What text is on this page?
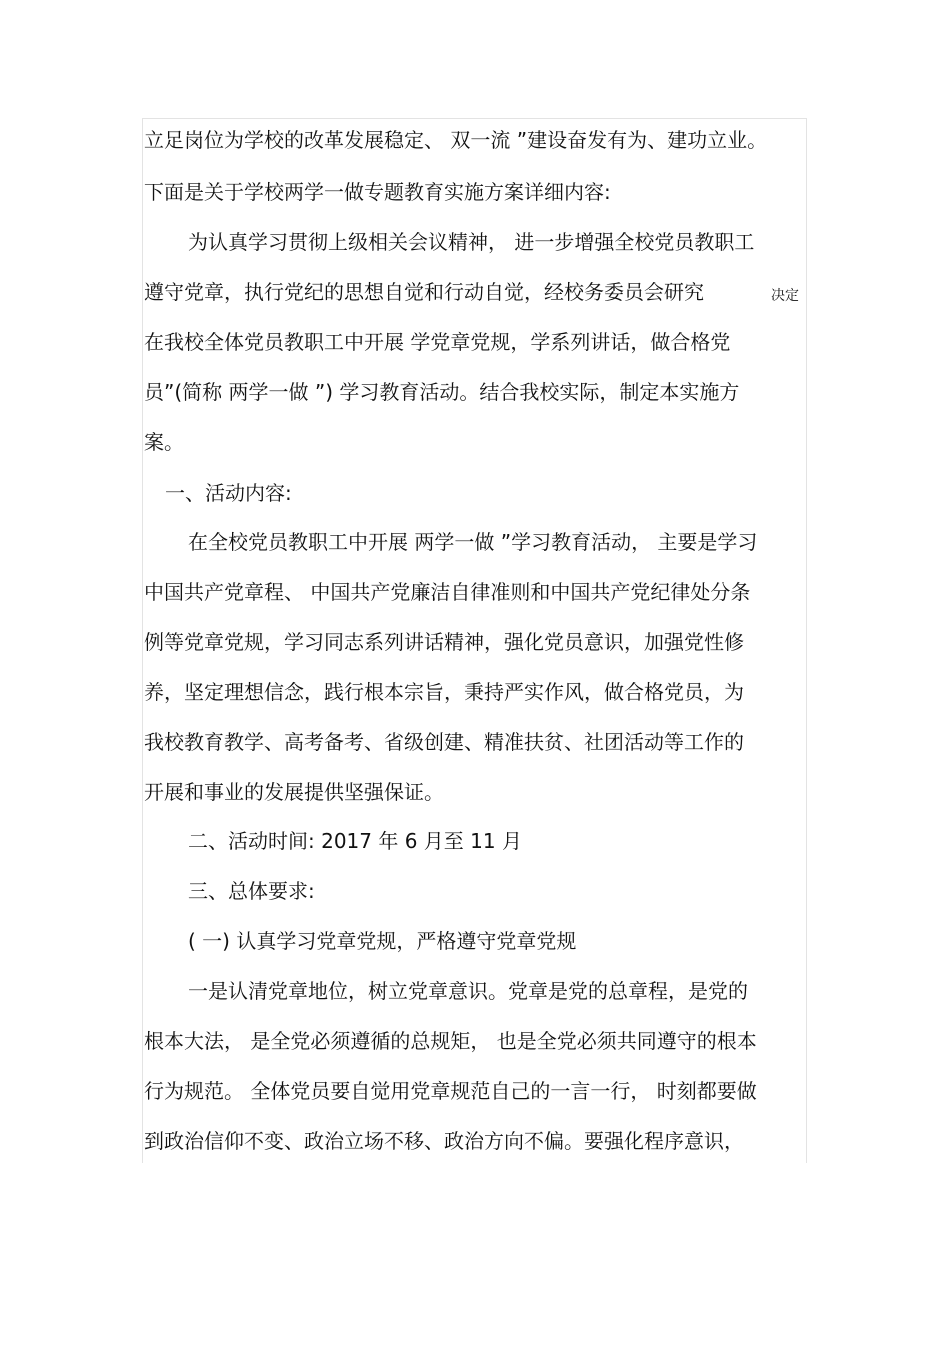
立足岗位为学校的改革发展稳定、 双一流 ”建设奋发有为、建功立业。
下面是关于学校两学一做专题教育实施方案详细内容:
为认真学习贯彻上级相关会议精神， 进一步增强全校党员教职工
遵守党章，执行党纪的思想自觉和行动自觉，经校务委员会研究	决定
在我校全体党员教职工中开展 学党章党规，学系列讲话，做合格党
员”(简称 两学一做 ”) 学习教育活动。结合我校实际，制定本实施方
案。
一、活动内容:
在全校党员教职工中开展 两学一做 ”学习教育活动， 主要是学习
中国共产党章程、 中国共产党廉洁自律准则和中国共产党纪律处分条
例等党章党规，学习同志系列讲话精神，强化党员意识，加强党性修
养，坚定理想信念，践行根本宗旨，秉持严实作风，做合格党员，为
我校教育教学、高考备考、省级创建、精准扶贫、社团活动等工作的
开展和事业的发展提供坚强保证。
二、活动时间: 2017 年 6 月至 11 月
三、总体要求:
( 一) 认真学习党章党规，严格遵守党章党规
一是认清党章地位，树立党章意识。党章是党的总章程，是党的
根本大法， 是全党必须遵循的总规矩， 也是全党必须共同遵守的根本
行为规范。 全体党员要自觉用党章规范自己的一言一行， 时刻都要做
到政治信仰不变、政治立场不移、政治方向不偏。要强化程序意识，
